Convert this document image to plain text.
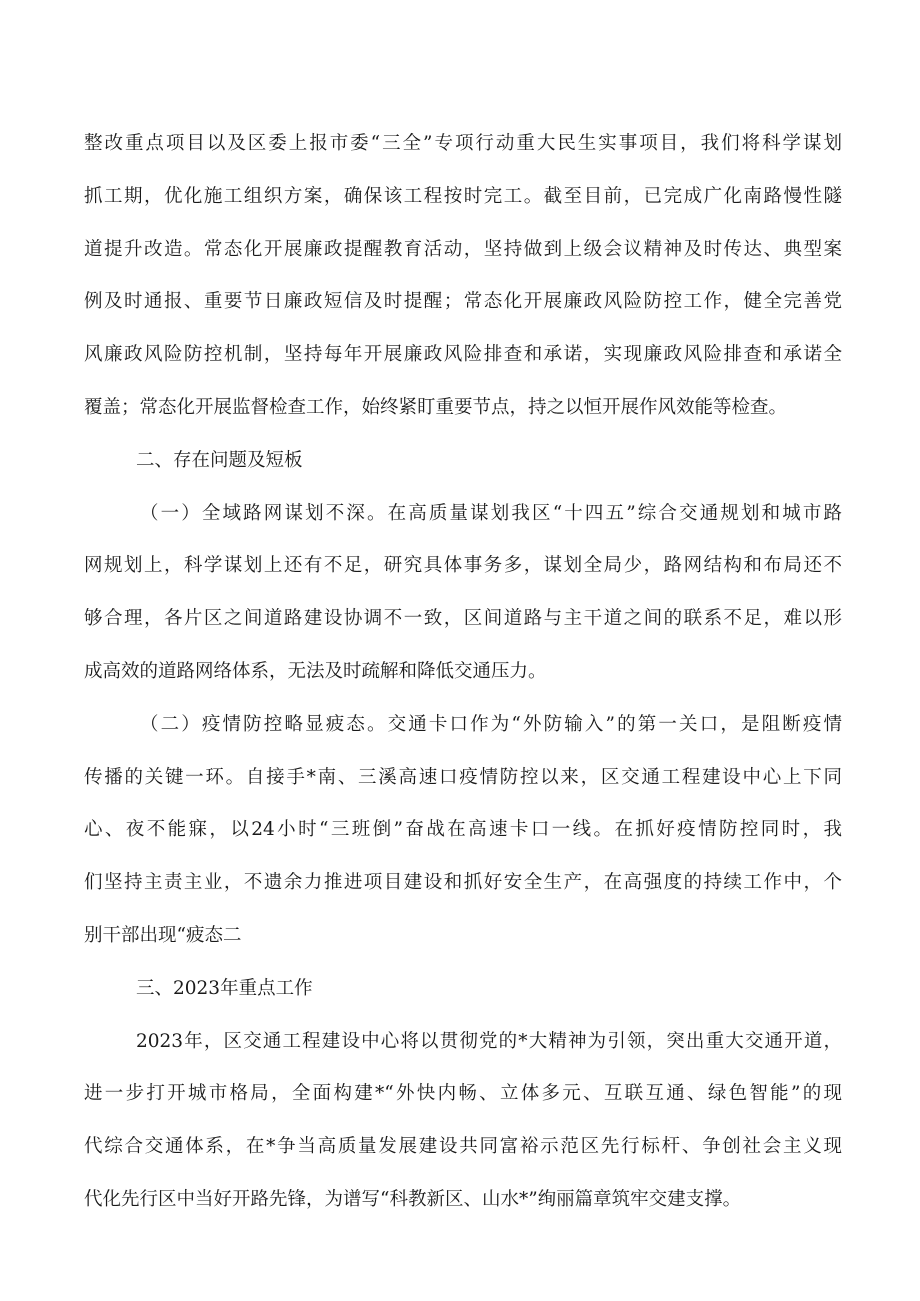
整改重点项目以及区委上报市委“三全”专项行动重大民生实事项目，我们将科学谋划
抓工期，优化施工组织方案，确保该工程按时完工。截至目前，已完成广化南路慢性隧
道提升改造。常态化开展廉政提醒教育活动，坚持做到上级会议精神及时传达、典型案
例及时通报、重要节日廉政短信及时提醒；常态化开展廉政风险防控工作，健全完善党
风廉政风险防控机制，坚持每年开展廉政风险排查和承诺，实现廉政风险排查和承诺全
覆盖；常态化开展监督检查工作，始终紧盯重要节点，持之以恒开展作风效能等检查。
二、存在问题及短板
（一）全域路网谋划不深。在高质量谋划我区“十四五”综合交通规划和城市路
网规划上，科学谋划上还有不足，研究具体事务多，谋划全局少，路网结构和布局还不
够合理，各片区之间道路建设协调不一致，区间道路与主干道之间的联系不足，难以形
成高效的道路网络体系，无法及时疏解和降低交通压力。
（二）疫情防控略显疲态。交通卡口作为“外防输入”的第一关口，是阻断疫情
传播的关键一环。自接手*南、三溪高速口疫情防控以来，区交通工程建设中心上下同
心、夜不能寐，以24小时“三班倒”奋战在高速卡口一线。在抓好疫情防控同时，我
们坚持主责主业，不遗余力推进项目建设和抓好安全生产，在高强度的持续工作中，个
别干部出现“疲态二
三、2023年重点工作
2023年，区交通工程建设中心将以贯彻党的*大精神为引领，突出重大交通开道，
进一步打开城市格局，全面构建*“外快内畅、立体多元、互联互通、绿色智能”的现
代综合交通体系，在*争当高质量发展建设共同富裕示范区先行标杆、争创社会主义现
代化先行区中当好开路先锋，为谱写“科教新区、山水*”绚丽篇章筑牢交建支撑。
